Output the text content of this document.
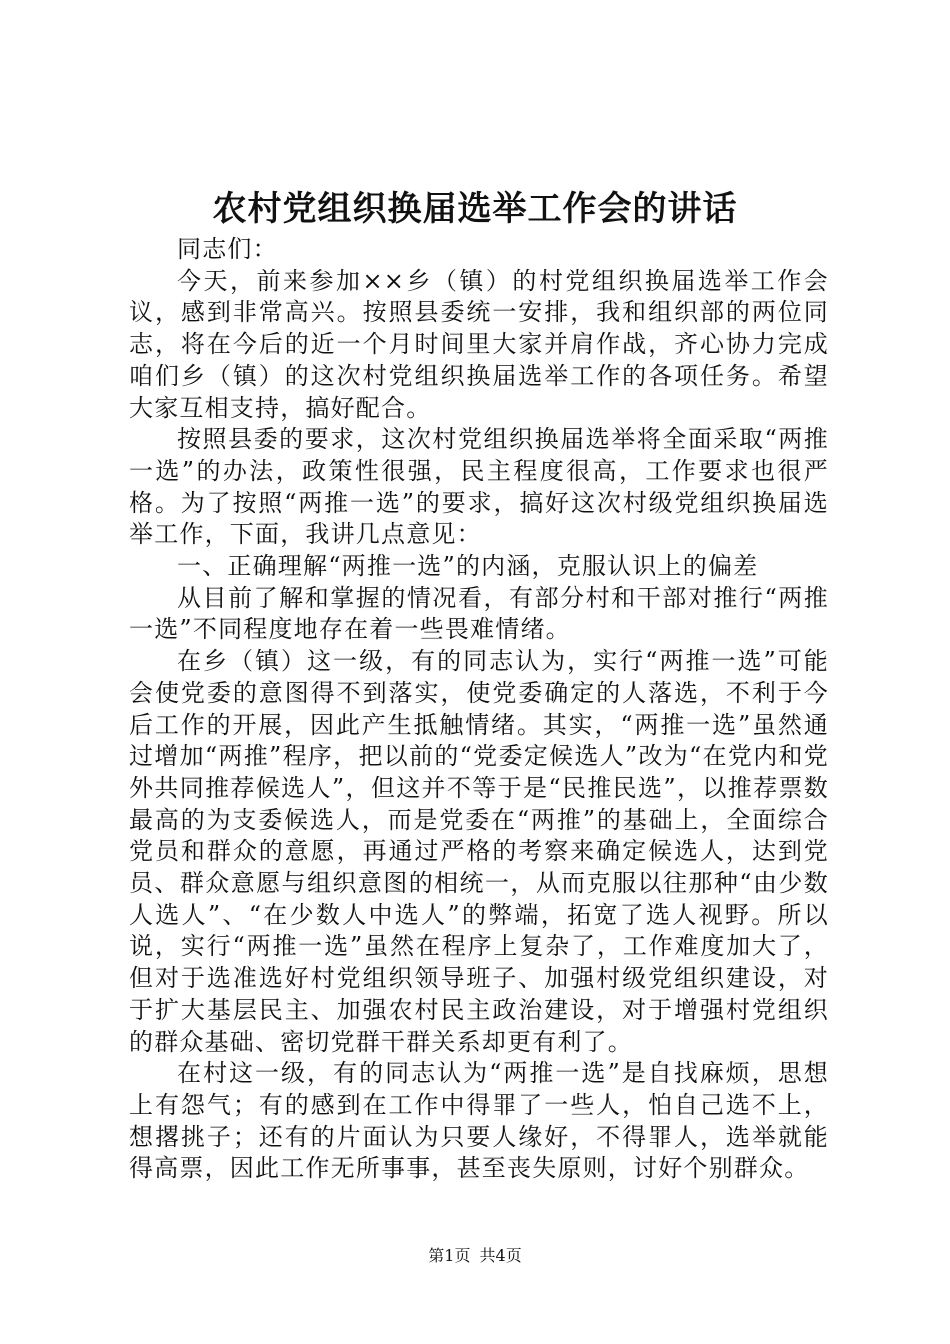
农村党组织换届选举工作会的讲话

同志们：

今天，前来参加××乡（镇）的村党组织换届选举工作会议，感到非常高兴。按照县委统一安排，我和组织部的两位同志，将在今后的近一个月时间里大家并肩作战，齐心协力完成咱们乡（镇）的这次村党组织换届选举工作的各项任务。希望大家互相支持，搞好配合。

按照县委的要求，这次村党组织换届选举将全面采取“两推一选”的办法，政策性很强，民主程度很高，工作要求也很严格。为了按照“两推一选”的要求，搞好这次村级党组织换届选举工作，下面，我讲几点意见：

一、正确理解“两推一选”的内涵，克服认识上的偏差

从目前了解和掌握的情况看，有部分村和干部对推行“两推一选”不同程度地存在着一些畏难情绪。

在乡（镇）这一级，有的同志认为，实行“两推一选”可能会使党委的意图得不到落实，使党委确定的人落选，不利于今后工作的开展，因此产生抵触情绪。其实，“两推一选”虽然通过增加“两推”程序，把以前的“党委定候选人”改为“在党内和党外共同推荐候选人”，但这并不等于是“民推民选”，以推荐票数最高的为支委候选人，而是党委在“两推”的基础上，全面综合党员和群众的意愿，再通过严格的考察来确定候选人，达到党员、群众意愿与组织意图的相统一，从而克服以往那种“由少数人选人”、“在少数人中选人”的弊端，拓宽了选人视野。所以说，实行“两推一选”虽然在程序上复杂了，工作难度加大了，但对于选准选好村党组织领导班子、加强村级党组织建设，对于扩大基层民主、加强农村民主政治建设，对于增强村党组织的群众基础、密切党群干群关系却更有利了。

在村这一级，有的同志认为“两推一选”是自找麻烦，思想上有怨气；有的感到在工作中得罪了一些人，怕自己选不上，想撂挑子；还有的片面认为只要人缘好，不得罪人，选举就能得高票，因此工作无所事事，甚至丧失原则，讨好个别群众。

第1页 共4页
